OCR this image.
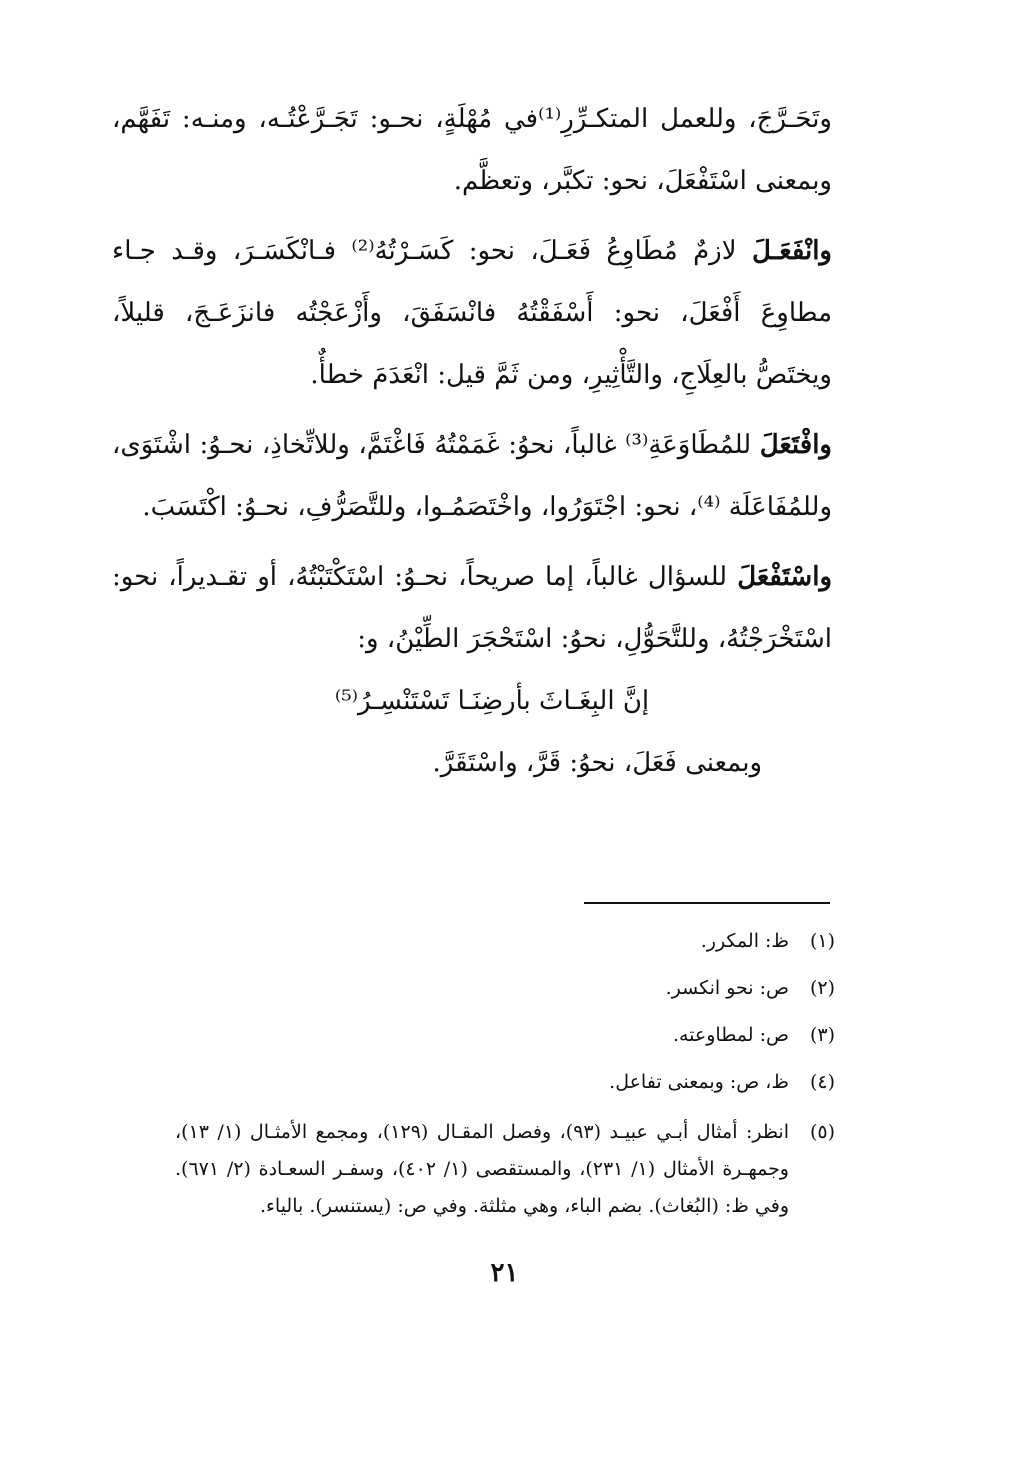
وتَحَـرَّجَ، وللعمل المتكـرِّرِ⁽¹⁾في مُهْلَةٍ، نحـو: تَجَـرَّعْتُـه، ومنـه: تَفَهَّم، وبمعنى اسْتَفْعَلَ، نحو: تكبَّر، وتعظَّم.

وانْفَعَـلَ لازمٌ مُطَاوِعُ فَعَـلَ، نحو: كَسَـرْتُهُ⁽²⁾ فـانْكَسَـرَ، وقـد جـاء مطاوِعَ أَفْعَلَ، نحو: أَسْفَقْتُهُ فانْسَفَقَ، وأَزْعَجْتُه فانزَعَـجَ، قليلاً، ويختَصُّ بالعِلَاجِ، والتَّأْثِيرِ، ومن ثَمَّ قيل: انْعَدَمَ خطأٌ.

وافْتَعَلَ للمُطَاوَعَةِ⁽³⁾ غالباً، نحوُ: غَمَمْتُهُ فَاغْتَمَّ، وللاتِّخاذِ، نحـوُ: اشْتَوَى، وللمُفَاعَلَة ⁽⁴⁾، نحو: اجْتَوَرُوا، واخْتَصَمُـوا، وللتَّصَرُّفِ، نحـوُ: اكْتَسَبَ.

واسْتَفْعَلَ للسؤال غالباً، إما صريحاً، نحـوُ: اسْتَكْتَبْتُهُ، أو تقـديراً، نحو: اسْتَخْرَجْتُهُ، وللتَّحَوُّلِ، نحوُ: اسْتَحْجَرَ الطِّيْنُ، و:

إنَّ البِغَـاثَ بأرضِنَـا تَسْتَنْسِـرُ⁽⁵⁾

وبمعنى فَعَلَ، نحوُ: قَرَّ، واسْتَقَرَّ.

(١)
ظ: المكرر.
(٢)
ص: نحو انكسر.
(٣)
ص: لمطاوعته.
(٤)
ظ، ص: وبمعنى تفاعل.
(٥)
انظر: أمثال أبـي عبيـد (٩٣)، وفصل المقـال (١٢٩)، ومجمع الأمثـال (١/ ١٣)، وجمهـرة الأمثال (١/ ٢٣١)، والمستقصى (١/ ٤٠٢)، وسفـر السعـادة (٢/ ٦٧١). وفي ظ: (البُغاث). بضم الباء، وهي مثلثة. وفي ص: (يستنسر). بالياء.
٢١
